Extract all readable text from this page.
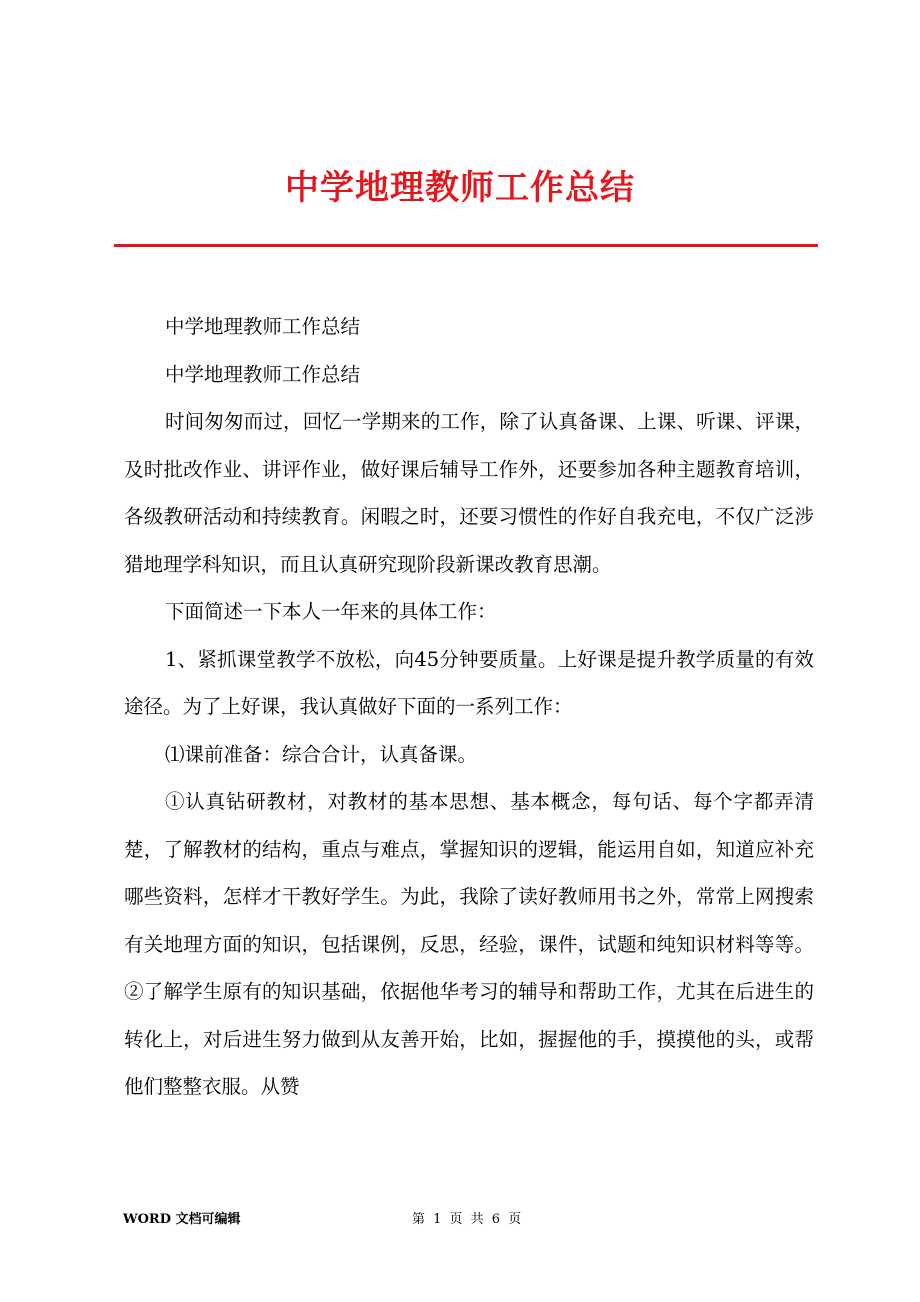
中学地理教师工作总结

中学地理教师工作总结

中学地理教师工作总结

时间匆匆而过，回忆一学期来的工作，除了认真备课、上课、听课、评课，及时批改作业、讲评作业，做好课后辅导工作外，还要参加各种主题教育培训，各级教研活动和持续教育。闲暇之时，还要习惯性的作好自我充电，不仅广泛涉猎地理学科知识，而且认真研究现阶段新课改教育思潮。

下面简述一下本人一年来的具体工作：

1、紧抓课堂教学不放松，向45分钟要质量。上好课是提升教学质量的有效途径。为了上好课，我认真做好下面的一系列工作：

⑴课前准备：综合合计，认真备课。

①认真钻研教材，对教材的基本思想、基本概念，每句话、每个字都弄清楚，了解教材的结构，重点与难点，掌握知识的逻辑，能运用自如，知道应补充哪些资料，怎样才干教好学生。为此，我除了读好教师用书之外，常常上网搜索有关地理方面的知识，包括课例，反思，经验，课件，试题和纯知识材料等等。②了解学生原有的知识基础，依据他华考习的辅导和帮助工作，尤其在后进生的转化上，对后进生努力做到从友善开始，比如，握握他的手，摸摸他的头，或帮他们整整衣服。从赞

WORD 文档可编辑	第 1 页 共 6 页
